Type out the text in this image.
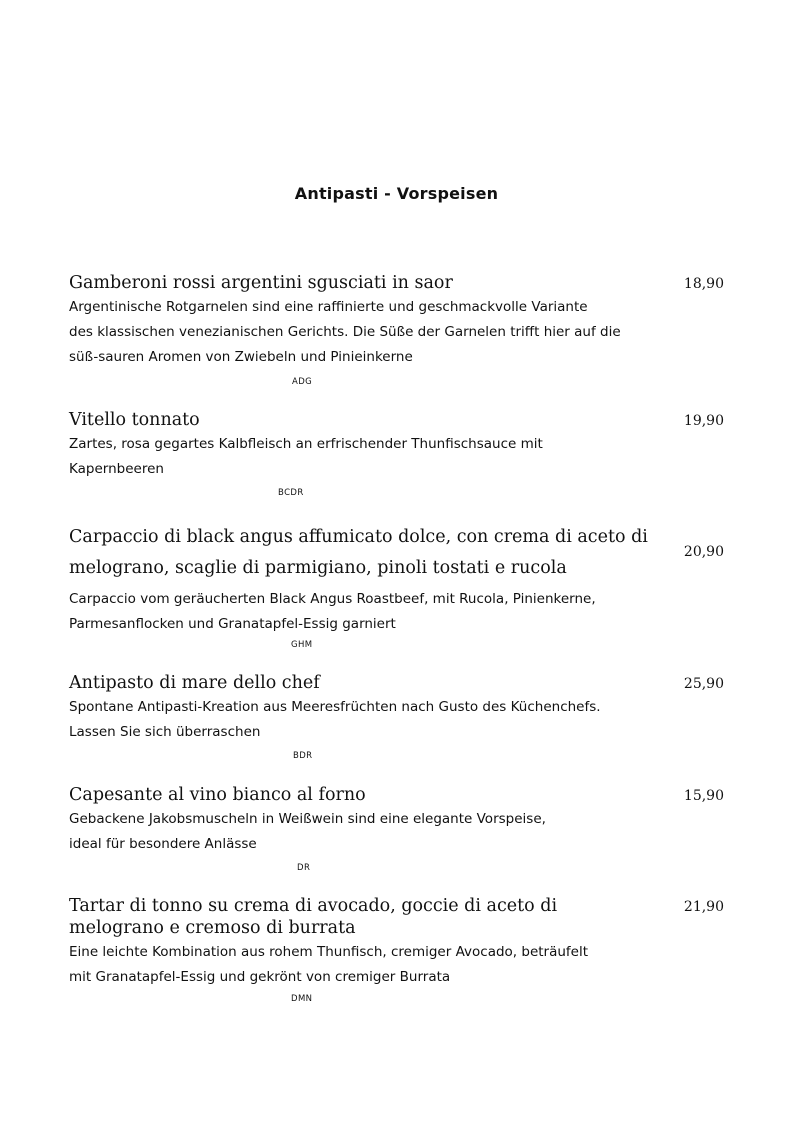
Antipasti - Vorspeisen
Gamberoni rossi argentini sgusciati in saor
Argentinische Rotgarnelen sind eine raffinierte und geschmackvolle Variante
des klassischen venezianischen Gerichts. Die Süße der Garnelen trifft hier auf die
süß-sauren Aromen von Zwiebeln und Pinieinkerne
18,90
ADG
Vitello tonnato
Zartes, rosa gegartes Kalbfleisch an erfrischender Thunfischsauce mit
Kapernbeeren
19,90
BCDR
Carpaccio di black angus affumicato dolce, con crema di aceto di
melograno, scaglie di parmigiano, pinoli tostati e rucola
Carpaccio vom geräucherten Black Angus Roastbeef, mit Rucola, Pinienkerne,
Parmesanflocken und Granatapfel-Essig garniert
20,90
GHM
Antipasto di mare dello chef
Spontane Antipasti-Kreation aus Meeresfrüchten nach Gusto des Küchenchefs.
Lassen Sie sich überraschen
25,90
BDR
Capesante al vino bianco al forno
Gebackene Jakobsmuscheln in Weißwein sind eine elegante Vorspeise,
ideal für besondere Anlässe
15,90
DR
Tartar di tonno su crema di avocado, goccie di aceto di
melograno e cremoso di burrata
Eine leichte Kombination aus rohem Thunfisch, cremiger Avocado, beträufelt
mit Granatapfel-Essig und gekrönt von cremiger Burrata
21,90
DMN
